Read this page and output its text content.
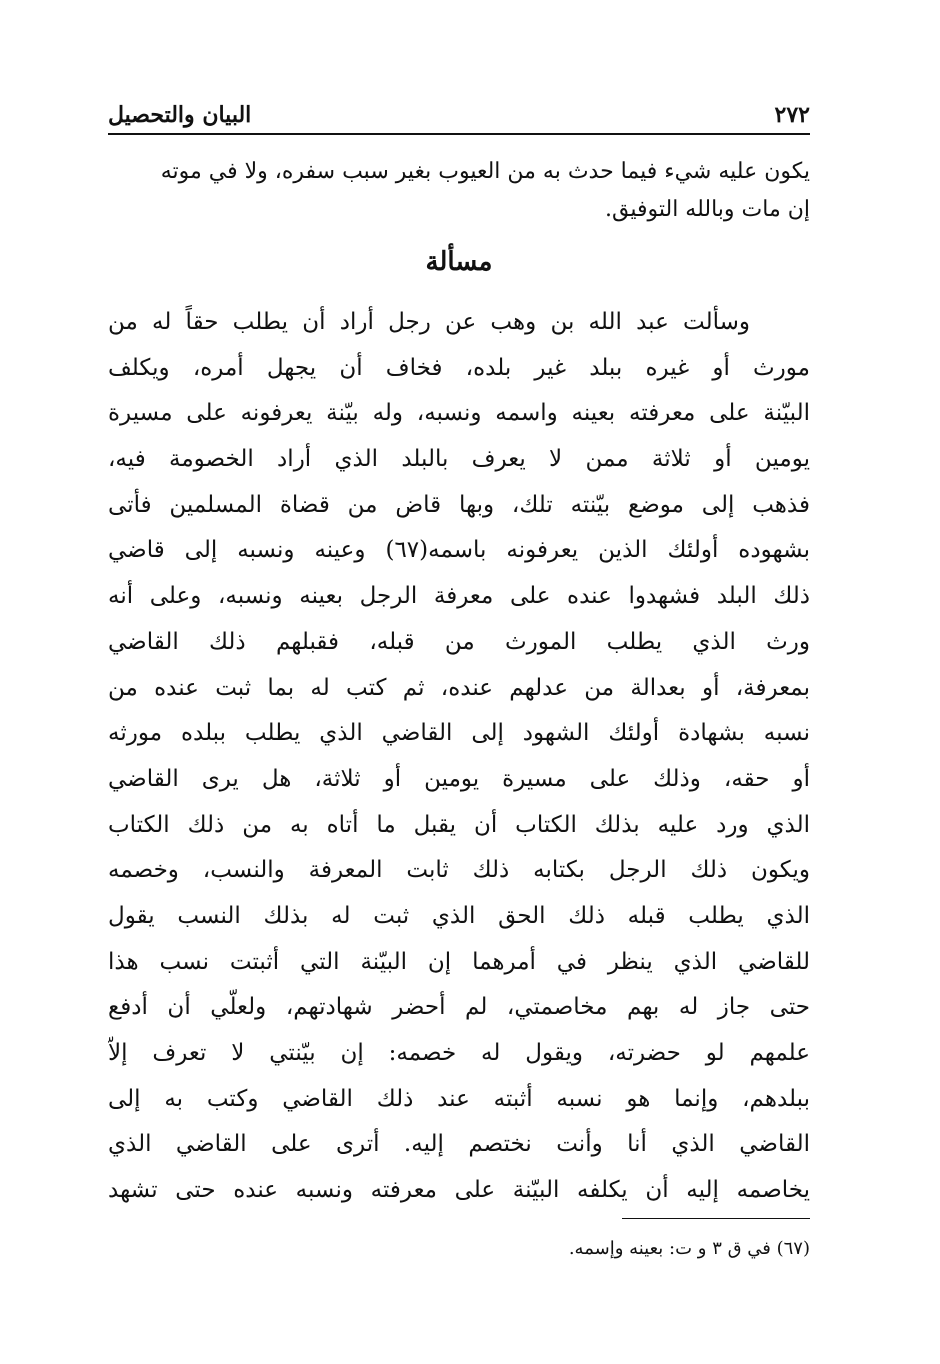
٢٧٢
البيان والتحصيل

يكون عليه شيء فيما حدث به من العيوب بغير سبب سفره، ولا في موته

إن مات وبالله التوفيق.

مسألة
وسألت عبد الله بن وهب عن رجل أراد أن يطلب حقاً له من
مورث أو غيره ببلد غير بلده، فخاف أن يجهل أمره، ويكلف
البيّنة على معرفته بعينه واسمه ونسبه، وله بيّنة يعرفونه على مسيرة
يومين أو ثلاثة ممن لا يعرف بالبلد الذي أراد الخصومة فيه،
فذهب إلى موضع بيّنته تلك، وبها قاض من قضاة المسلمين فأتى
بشهوده أولئك الذين يعرفونه باسمه(٦٧) وعينه ونسبه إلى قاضي
ذلك البلد فشهدوا عنده على معرفة الرجل بعينه ونسبه، وعلى أنه
ورث الذي يطلب المورث من قبله، فقبلهم ذلك القاضي
بمعرفة، أو بعدالة من عدلهم عنده، ثم كتب له بما ثبت عنده من
نسبه بشهادة أولئك الشهود إلى القاضي الذي يطلب ببلده مورثه
أو حقه، وذلك على مسيرة يومين أو ثلاثة، هل يرى القاضي
الذي ورد عليه بذلك الكتاب أن يقبل ما أتاه به من ذلك الكتاب
ويكون ذلك الرجل بكتابه ذلك ثابت المعرفة والنسب، وخصمه
الذي يطلب قبله ذلك الحق الذي ثبت له بذلك النسب يقول
للقاضي الذي ينظر في أمرهما إن البيّنة التي أثبتت نسب هذا
حتى جاز له بهم مخاصمتي، لم أحضر شهادتهم، ولعلّي أن أدفع
علمهم لو حضرته، ويقول له خصمه: إن بيّنتي لا تعرف إلاّ
ببلدهم، وإنما هو نسبه أثبته عند ذلك القاضي وكتب به إلى
القاضي الذي أنا وأنت نختصم إليه. أترى على القاضي الذي
يخاصمه إليه أن يكلفه البيّنة على معرفته ونسبه عنده حتى تشهد
(٦٧) في ق ٣ و ت: بعينه وإسمه.
